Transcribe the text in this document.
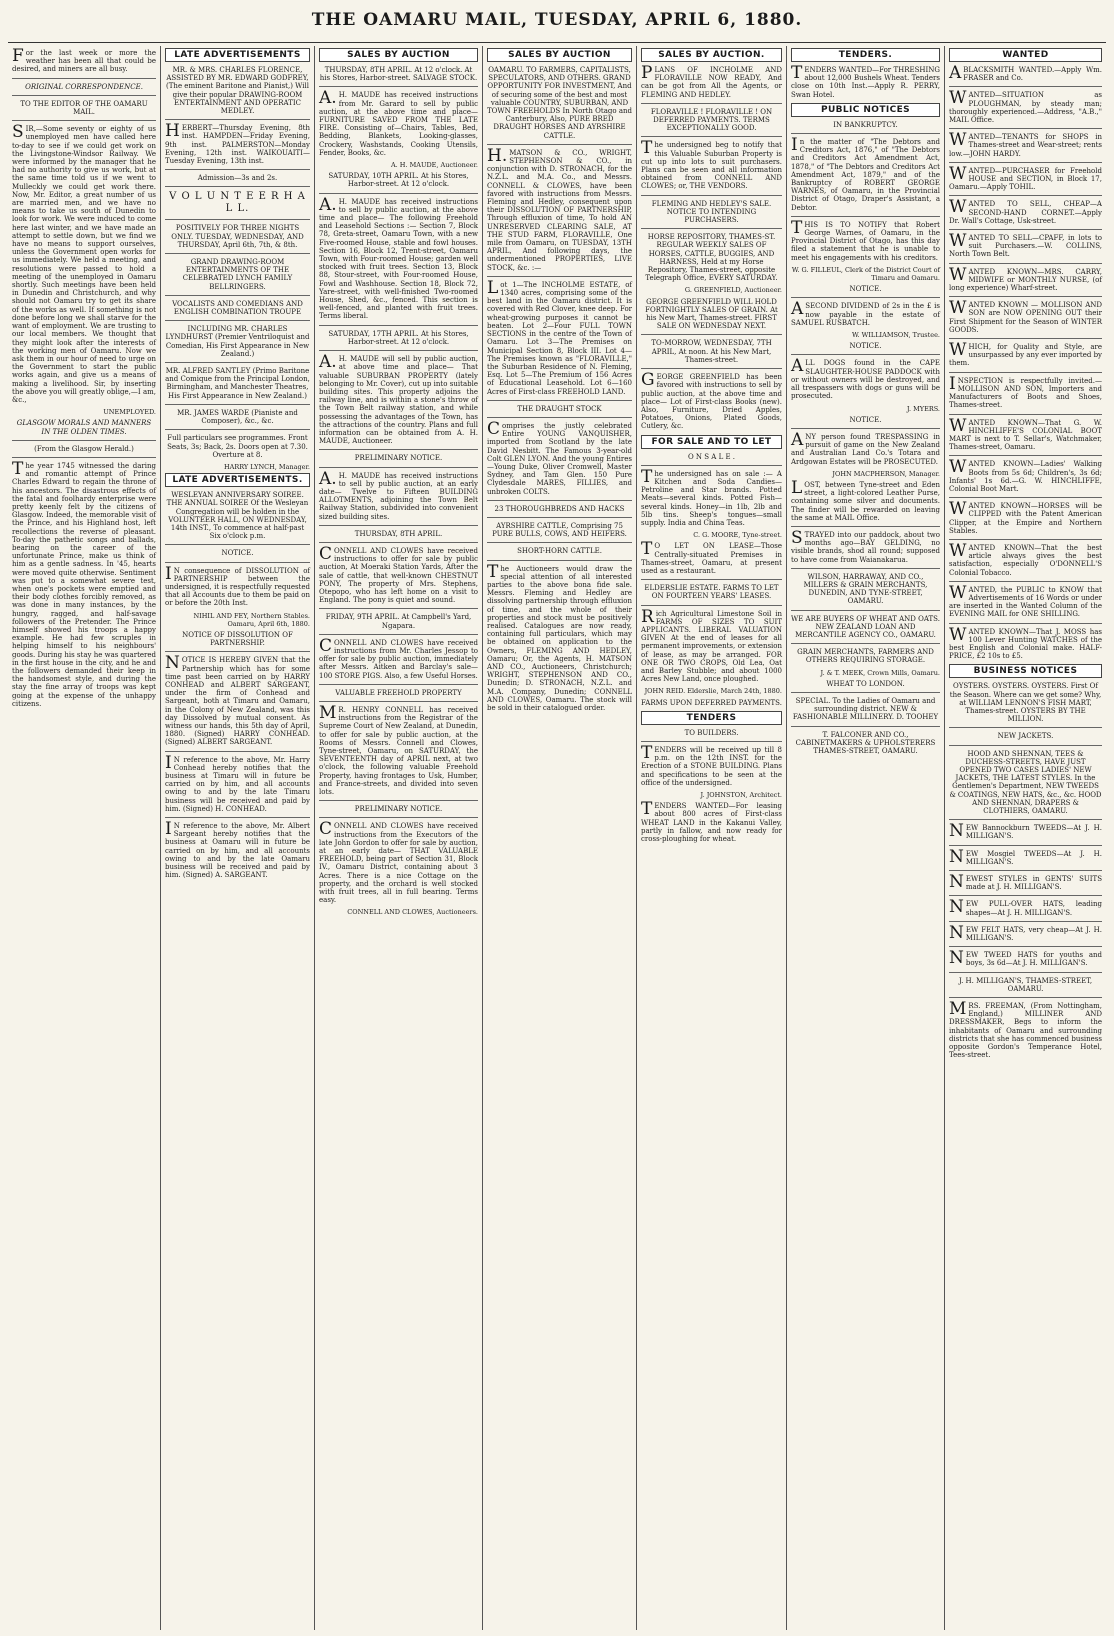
THE OAMARU MAIL, TUESDAY, APRIL 6, 1880.
For the last week or more the weather has been all that could be desired, and miners are all busy.
ORIGINAL CORRESPONDENCE.
TO THE EDITOR OF THE OAMARU MAIL.
SIR,—Some seventy or eighty of us unemployed men have called here to-day to see if we could get work on the Livingstone-Windsor Railway. We were informed by the manager that he had no authority to give us work, but at the same time told us if we went to Mulleckly we could get work there. Now, Mr. Editor, a great number of us are married men, and we have no means to take us south of Dunedin to look for work. We were induced to come here last winter, and we have made an attempt to settle down, but we find we have no means to support ourselves, unless the Government open works for us immediately. We held a meeting, and resolutions were passed to hold a meeting of the unemployed in Oamaru shortly. Such meetings have been held in Dunedin and Christchurch, and why should not Oamaru try to get its share of the works as well. If something is not done before long we shall starve for the want of employment. We are trusting to our local members. We thought that they might look after the interests of the working men of Oamaru. Now we ask them in our hour of need to urge on the Government to start the public works again, and give us a means of making a livelihood. Sir, by inserting the above you will greatly oblige,—I am, &c.,
UNEMPLOYED.
GLASGOW MORALS AND MANNERS IN THE OLDEN TIMES.
(From the Glasgow Herald.)
The year 1745 witnessed the daring and romantic attempt of Prince Charles Edward to regain the throne of his ancestors. The disastrous effects of the fatal and foolhardy enterprise were pretty keenly felt by the citizens of Glasgow. Indeed, the memorable visit of the Prince, and his Highland host, left recollections the reverse of pleasant. To-day the pathetic songs and ballads, bearing on the career of the unfortunate Prince, make us think of him as a gentle sadness. In '45, hearts were moved quite otherwise. Sentiment was put to a somewhat severe test, when one's pockets were emptied and their body clothes forcibly removed, as was done in many instances, by the hungry, ragged, and half-savage followers of the Pretender. The Prince himself showed his troops a happy example. He had few scruples in helping himself to his neighbours' goods. During his stay he was quartered in the first house in the city, and he and the followers demanded their keep in the handsomest style, and during the stay the fine array of troops was kept going at the expense of the unhappy citizens.
LATE ADVERTISEMENTS
MR. & MRS. CHARLES FLORENCE, ASSISTED BY MR. EDWARD GODFREY, (The eminent Baritone and Pianist,) Will give their popular DRAWING-ROOM ENTERTAINMENT AND OPERATIC MEDLEY.
HERBERT—Thursday Evening, 8th inst. HAMPDEN—Friday Evening, 9th inst. PALMERSTON—Monday Evening, 12th inst. WAIKOUAITI—Tuesday Evening, 13th inst.
Admission—3s and 2s.
V O L U N T E E R H A L L.
POSITIVELY FOR THREE NIGHTS ONLY. TUESDAY, WEDNESDAY, AND THURSDAY, April 6th, 7th, & 8th.
GRAND DRAWING-ROOM ENTERTAINMENTS OF THE CELEBRATED LYNCH FAMILY BELLRINGERS.
VOCALISTS AND COMEDIANS AND ENGLISH COMBINATION TROUPE
INCLUDING MR. CHARLES LYNDHURST (Premier Ventriloquist and Comedian, His First Appearance in New Zealand.)
MR. ALFRED SANTLEY (Primo Baritone and Comique from the Principal London, Birmingham, and Manchester Theatres, His First Appearance in New Zealand.)
MR. JAMES WARDE (Pianiste and Composer), &c., &c.
Full particulars see programmes. Front Seats, 3s; Back, 2s. Doors open at 7.30. Overture at 8.
HARRY LYNCH, Manager.
LATE ADVERTISEMENTS.
WESLEYAN ANNIVERSARY SOIREE. THE ANNUAL SOIREE Of the Wesleyan Congregation will be holden in the VOLUNTEER HALL, ON WEDNESDAY, 14th INST., To commence at half-past Six o'clock p.m.
NOTICE.
IN consequence of DISSOLUTION of PARTNERSHIP between the undersigned, it is respectfully requested that all Accounts due to them be paid on or before the 20th Inst.
NIHIL AND FEY, Northern Stables. Oamaru, April 6th, 1880.
NOTICE OF DISSOLUTION OF PARTNERSHIP.
NOTICE IS HEREBY GIVEN that the Partnership which has for some time past been carried on by HARRY CONHEAD and ALBERT SARGEANT, under the firm of Conhead and Sargeant, both at Timaru and Oamaru, in the Colony of New Zealand, was this day Dissolved by mutual consent. As witness our hands, this 5th day of April, 1880. (Signed) HARRY CONHEAD. (Signed) ALBERT SARGEANT.
IN reference to the above, Mr. Harry Conhead hereby notifies that the business at Timaru will in future be carried on by him, and all accounts owing to and by the late Timaru business will be received and paid by him. (Signed) H. CONHEAD.
IN reference to the above, Mr. Albert Sargeant hereby notifies that the business at Oamaru will in future be carried on by him, and all accounts owing to and by the late Oamaru business will be received and paid by him. (Signed) A. SARGEANT.
SALES BY AUCTION
THURSDAY, 8TH APRIL. At 12 o'clock. At his Stores, Harbor-street. SALVAGE STOCK.
A.H. MAUDE has received instructions from Mr. Garard to sell by public auction, at the above time and place— FURNITURE SAVED FROM THE LATE FIRE. Consisting of—Chairs, Tables, Bed, Bedding, Blankets, Looking-glasses, Crockery, Washstands, Cooking Utensils, Fender, Books, &c.
A. H. MAUDE, Auctioneer.
SATURDAY, 10TH APRIL. At his Stores, Harbor-street. At 12 o'clock.
A.H. MAUDE has received instructions to sell by public auction, at the above time and place— The following Freehold and Leasehold Sections :— Section 7, Block 78, Greta-street, Oamaru Town, with a new Five-roomed House, stable and fowl houses. Section 16, Block 12, Trent-street, Oamaru Town, with Four-roomed House; garden well stocked with fruit trees. Section 13, Block 88, Stour-street, with Four-roomed House, Fowl and Washhouse. Section 18, Block 72, Yare-street, with well-finished Two-roomed House, Shed, &c., fenced. This section is well-fenced, and planted with fruit trees. Terms liberal.
SATURDAY, 17TH APRIL. At his Stores, Harbor-street. At 12 o'clock.
A.H. MAUDE will sell by public auction, at above time and place— That valuable SUBURBAN PROPERTY (lately belonging to Mr. Cover), cut up into suitable building sites. This property adjoins the railway line, and is within a stone's throw of the Town Belt railway station, and while possessing the advantages of the Town, has the attractions of the country. Plans and full information can be obtained from A. H. MAUDE, Auctioneer.
PRELIMINARY NOTICE.
A.H. MAUDE has received instructions to sell by public auction, at an early date— Twelve to Fifteen BUILDING ALLOTMENTS, adjoining the Town Belt Railway Station, subdivided into convenient sized building sites.
THURSDAY, 8TH APRIL.
CONNELL AND CLOWES have received instructions to offer for sale by public auction, At Moeraki Station Yards, After the sale of cattle, that well-known CHESTNUT PONY, The property of Mrs. Stephens, Otepopo, who has left home on a visit to England. The pony is quiet and sound.
FRIDAY, 9TH APRIL. At Campbell's Yard, Ngapara.
CONNELL AND CLOWES have received instructions from Mr. Charles Jessop to offer for sale by public auction, immediately after Messrs. Aitken and Barclay's sale— 100 STORE PIGS. Also, a few Useful Horses.
VALUABLE FREEHOLD PROPERTY
MR. HENRY CONNELL has received instructions from the Registrar of the Supreme Court of New Zealand, at Dunedin, to offer for sale by public auction, at the Rooms of Messrs. Connell and Clowes, Tyne-street, Oamaru, on SATURDAY, the SEVENTEENTH day of APRIL next, at two o'clock, the following valuable Freehold Property, having frontages to Usk, Humber, and France-streets, and divided into seven lots.
PRELIMINARY NOTICE.
CONNELL AND CLOWES have received instructions from the Executors of the late John Gordon to offer for sale by auction, at an early date— THAT VALUABLE FREEHOLD, being part of Section 31, Block IV., Oamaru District, containing about 3 Acres. There is a nice Cottage on the property, and the orchard is well stocked with fruit trees, all in full bearing. Terms easy.
CONNELL AND CLOWES, Auctioneers.
SALES BY AUCTION
OAMARU. TO FARMERS, CAPITALISTS, SPECULATORS, AND OTHERS. GRAND OPPORTUNITY FOR INVESTMENT, And of securing some of the best and most valuable COUNTRY, SUBURBAN, AND TOWN FREEHOLDS In North Otago and Canterbury, Also, PURE BRED DRAUGHT HORSES AND AYRSHIRE CATTLE.
H.MATSON & CO., WRIGHT, STEPHENSON & CO., in conjunction with D. STRONACH, for the N.Z.L. and M.A. Co., and Messrs. CONNELL & CLOWES, have been favored with instructions from Messrs. Fleming and Hedley, consequent upon their DISSOLUTION OF PARTNERSHIP, Through effluxion of time, To hold AN UNRESERVED CLEARING SALE, AT THE STUD FARM, FLORAVILLE, One mile from Oamaru, on TUESDAY, 13TH APRIL, And following days, the undermentioned PROPERTIES, LIVE STOCK, &c. :—
Lot 1—The INCHOLME ESTATE, of 1340 acres, comprising some of the best land in the Oamaru district. It is covered with Red Clover, knee deep. For wheat-growing purposes it cannot be beaten. Lot 2—Four FULL TOWN SECTIONS in the centre of the Town of Oamaru. Lot 3—The Premises on Municipal Section 8, Block III. Lot 4—The Premises known as "FLORAVILLE," the Suburban Residence of N. Fleming, Esq. Lot 5—The Premium of 156 Acres of Educational Leasehold. Lot 6—160 Acres of First-class FREEHOLD LAND.
THE DRAUGHT STOCK
Comprises the justly celebrated Entire YOUNG VANQUISHER, imported from Scotland by the late David Nesbitt. The Famous 3-year-old Colt GLEN LYON. And the young Entires—Young Duke, Oliver Cromwell, Master Sydney, and Tam Glen. 150 Pure Clydesdale MARES, FILLIES, and unbroken COLTS.
23 THOROUGHBREDS AND HACKS
AYRSHIRE CATTLE, Comprising 75 PURE BULLS, COWS, AND HEIFERS.
SHORT-HORN CATTLE.
The Auctioneers would draw the special attention of all interested parties to the above bona fide sale. Messrs. Fleming and Hedley are dissolving partnership through effluxion of time, and the whole of their properties and stock must be positively realised. Catalogues are now ready, containing full particulars, which may be obtained on application to the Owners, FLEMING AND HEDLEY, Oamaru; Or, the Agents, H. MATSON AND CO., Auctioneers, Christchurch; WRIGHT, STEPHENSON AND CO., Dunedin; D. STRONACH, N.Z.L. and M.A. Company, Dunedin; CONNELL AND CLOWES, Oamaru. The stock will be sold in their catalogued order.
SALES BY AUCTION.
PLANS OF INCHOLME AND FLORAVILLE NOW READY, And can be got from All the Agents, or FLEMING AND HEDLEY.
FLORAVILLE ! FLORAVILLE ! ON DEFERRED PAYMENTS. TERMS EXCEPTIONALLY GOOD.
The undersigned beg to notify that this Valuable Suburban Property is cut up into lots to suit purchasers. Plans can be seen and all information obtained from CONNELL AND CLOWES; or, THE VENDORS.
FLEMING AND HEDLEY'S SALE. NOTICE TO INTENDING PURCHASERS.
HORSE REPOSITORY, THAMES-ST. REGULAR WEEKLY SALES OF HORSES, CATTLE, BUGGIES, AND HARNESS, Held at my Horse Repository, Thames-street, opposite Telegraph Office, EVERY SATURDAY.
G. GREENFIELD, Auctioneer.
GEORGE GREENFIELD WILL HOLD FORTNIGHTLY SALES OF GRAIN. At his New Mart, Thames-street. FIRST SALE ON WEDNESDAY NEXT.
TO-MORROW, WEDNESDAY, 7TH APRIL, At noon. At his New Mart, Thames-street.
GEORGE GREENFIELD has been favored with instructions to sell by public auction, at the above time and place— Lot of First-class Books (new). Also, Furniture, Dried Apples, Potatoes, Onions, Plated Goods, Cutlery, &c.
FOR SALE AND TO LET
O N S A L E .
The undersigned has on sale :— A Kitchen and Soda Candies—Petroline and Star brands. Potted Meats—several kinds. Potted Fish—several kinds. Honey—in 1lb, 2lb and 5lb tins. Sheep's tongues—small supply. India and China Teas.
C. G. MOORE, Tyne-street.
TO LET ON LEASE—Those Centrally-situated Premises in Thames-street, Oamaru, at present used as a restaurant.
ELDERSLIE ESTATE. FARMS TO LET ON FOURTEEN YEARS' LEASES.
Rich Agricultural Limestone Soil in FARMS OF SIZES TO SUIT APPLICANTS. LIBERAL VALUATION GIVEN At the end of leases for all permanent improvements, or extension of lease, as may be arranged. FOR ONE OR TWO CROPS, Old Lea, Oat and Barley Stubble; and about 1000 Acres New Land, once ploughed.
JOHN REID. Elderslie, March 24th, 1880.
FARMS UPON DEFERRED PAYMENTS.
TENDERS
TO BUILDERS.
TENDERS will be received up till 8 p.m. on the 12th INST. for the Erection of a STONE BUILDING. Plans and specifications to be seen at the office of the undersigned.
J. JOHNSTON, Architect.
TENDERS WANTED—For leasing about 800 acres of First-class WHEAT LAND in the Kakanui Valley, partly in fallow, and now ready for cross-ploughing for wheat.
TENDERS.
TENDERS WANTED—For THRESHING about 12,000 Bushels Wheat. Tenders close on 10th Inst.—Apply R. PERRY, Swan Hotel.
PUBLIC NOTICES
IN BANKRUPTCY.
In the matter of "The Debtors and Creditors Act, 1876," of "The Debtors and Creditors Act Amendment Act, 1878," of "The Debtors and Creditors Act Amendment Act, 1879," and of the Bankruptcy of ROBERT GEORGE WARNES, of Oamaru, in the Provincial District of Otago, Draper's Assistant, a Debtor.
THIS IS TO NOTIFY that Robert George Warnes, of Oamaru, in the Provincial District of Otago, has this day filed a statement that he is unable to meet his engagements with his creditors.
W. G. FILLEUL, Clerk of the District Court of Timaru and Oamaru.
NOTICE.
ASECOND DIVIDEND of 2s in the £ is now payable in the estate of SAMUEL RUSBATCH.
W. WILLIAMSON, Trustee.
NOTICE.
ALL DOGS found in the CAPE SLAUGHTER-HOUSE PADDOCK with or without owners will be destroyed, and all trespassers with dogs or guns will be prosecuted.
J. MYERS.
NOTICE.
ANY person found TRESPASSING in pursuit of game on the New Zealand and Australian Land Co.'s Totara and Ardgowan Estates will be PROSECUTED.
JOHN MACPHERSON, Manager.
LOST, between Tyne-street and Eden street, a light-colored Leather Purse, containing some silver and documents. The finder will be rewarded on leaving the same at MAIL Office.
STRAYED into our paddock, about two months ago—BAY GELDING, no visible brands, shod all round; supposed to have come from Waianakarua.
WILSON, HARRAWAY, AND CO., MILLERS & GRAIN MERCHANTS, DUNEDIN, AND TYNE-STREET, OAMARU.
WE ARE BUYERS OF WHEAT AND OATS. NEW ZEALAND LOAN AND MERCANTILE AGENCY CO., OAMARU.
GRAIN MERCHANTS, FARMERS AND OTHERS REQUIRING STORAGE.
J. & T. MEEK, Crown Mills, Oamaru.
WHEAT TO LONDON.
SPECIAL. To the Ladies of Oamaru and surrounding district. NEW & FASHIONABLE MILLINERY. D. TOOHEY
T. FALCONER AND CO., CABINETMAKERS & UPHOLSTERERS THAMES-STREET, OAMARU.
WANTED
ABLACKSMITH WANTED.—Apply Wm. FRASER and Co.
WANTED—SITUATION as PLOUGHMAN, by steady man; thoroughly experienced.—Address, "A.B.," MAIL Office.
WANTED—TENANTS for SHOPS in Thames-street and Wear-street; rents low.—JOHN HARDY.
WANTED—PURCHASER for Freehold HOUSE and SECTION, in Block 17, Oamaru.—Apply TOHIL.
WANTED TO SELL, CHEAP—A SECOND-HAND CORNET.—Apply Dr. Wall's Cottage, Usk-street.
WANTED TO SELL—CPAFF, in lots to suit Purchasers.—W. COLLINS, North Town Belt.
WANTED KNOWN—MRS. CARRY, MIDWIFE or MONTHLY NURSE, (of long experience) Wharf-street.
WANTED KNOWN — MOLLISON AND SON are NOW OPENING OUT their First Shipment for the Season of WINTER GOODS.
WHICH, for Quality and Style, are unsurpassed by any ever imported by them.
INSPECTION is respectfully invited.—MOLLISON AND SON, Importers and Manufacturers of Boots and Shoes, Thames-street.
WANTED KNOWN—That G. W. HINCHLIFFE'S COLONIAL BOOT MART is next to T. Sellar's, Watchmaker, Thames-street, Oamaru.
WANTED KNOWN—Ladies' Walking Boots from 5s 6d; Children's, 3s 6d; Infants' 1s 6d.—G. W. HINCHLIFFE, Colonial Boot Mart.
WANTED KNOWN—HORSES will be CLIPPED with the Patent American Clipper, at the Empire and Northern Stables.
WANTED KNOWN—That the best article always gives the best satisfaction, especially O'DONNELL'S Colonial Tobacco.
WANTED, the PUBLIC to KNOW that Advertisements of 16 Words or under are inserted in the Wanted Column of the EVENING MAIL for ONE SHILLING.
WANTED KNOWN—That J. MOSS has 100 Lever Hunting WATCHES of the best English and Colonial make. HALF-PRICE, £2 10s to £5.
BUSINESS NOTICES
OYSTERS. OYSTERS. OYSTERS. First Of the Season. Where can we get some? Why, at WILLIAM LENNON'S FISH MART, Thames-street. OYSTERS BY THE MILLION.
NEW JACKETS.
HOOD AND SHENNAN, TEES & DUCHESS-STREETS, HAVE JUST OPENED TWO CASES LADIES' NEW JACKETS, THE LATEST STYLES. In the Gentlemen's Department, NEW TWEEDS & COATINGS, NEW HATS, &c., &c. HOOD AND SHENNAN, DRAPERS & CLOTHIERS, OAMARU.
NEW Bannockburn TWEEDS—At J. H. MILLIGAN'S.
NEW Mosgiel TWEEDS—At J. H. MILLIGAN'S.
NEWEST STYLES in GENTS' SUITS made at J. H. MILLIGAN'S.
NEW PULL-OVER HATS, leading shapes—At J. H. MILLIGAN'S.
NEW FELT HATS, very cheap—At J. H. MILLIGAN'S.
NEW TWEED HATS for youths and boys, 3s 6d—At J. H. MILLIGAN'S.
J. H. MILLIGAN'S, THAMES-STREET, OAMARU.
MRS. FREEMAN, (From Nottingham, England,) MILLINER AND DRESSMAKER, Begs to inform the inhabitants of Oamaru and surrounding districts that she has commenced business opposite Gordon's Temperance Hotel, Tees-street.
